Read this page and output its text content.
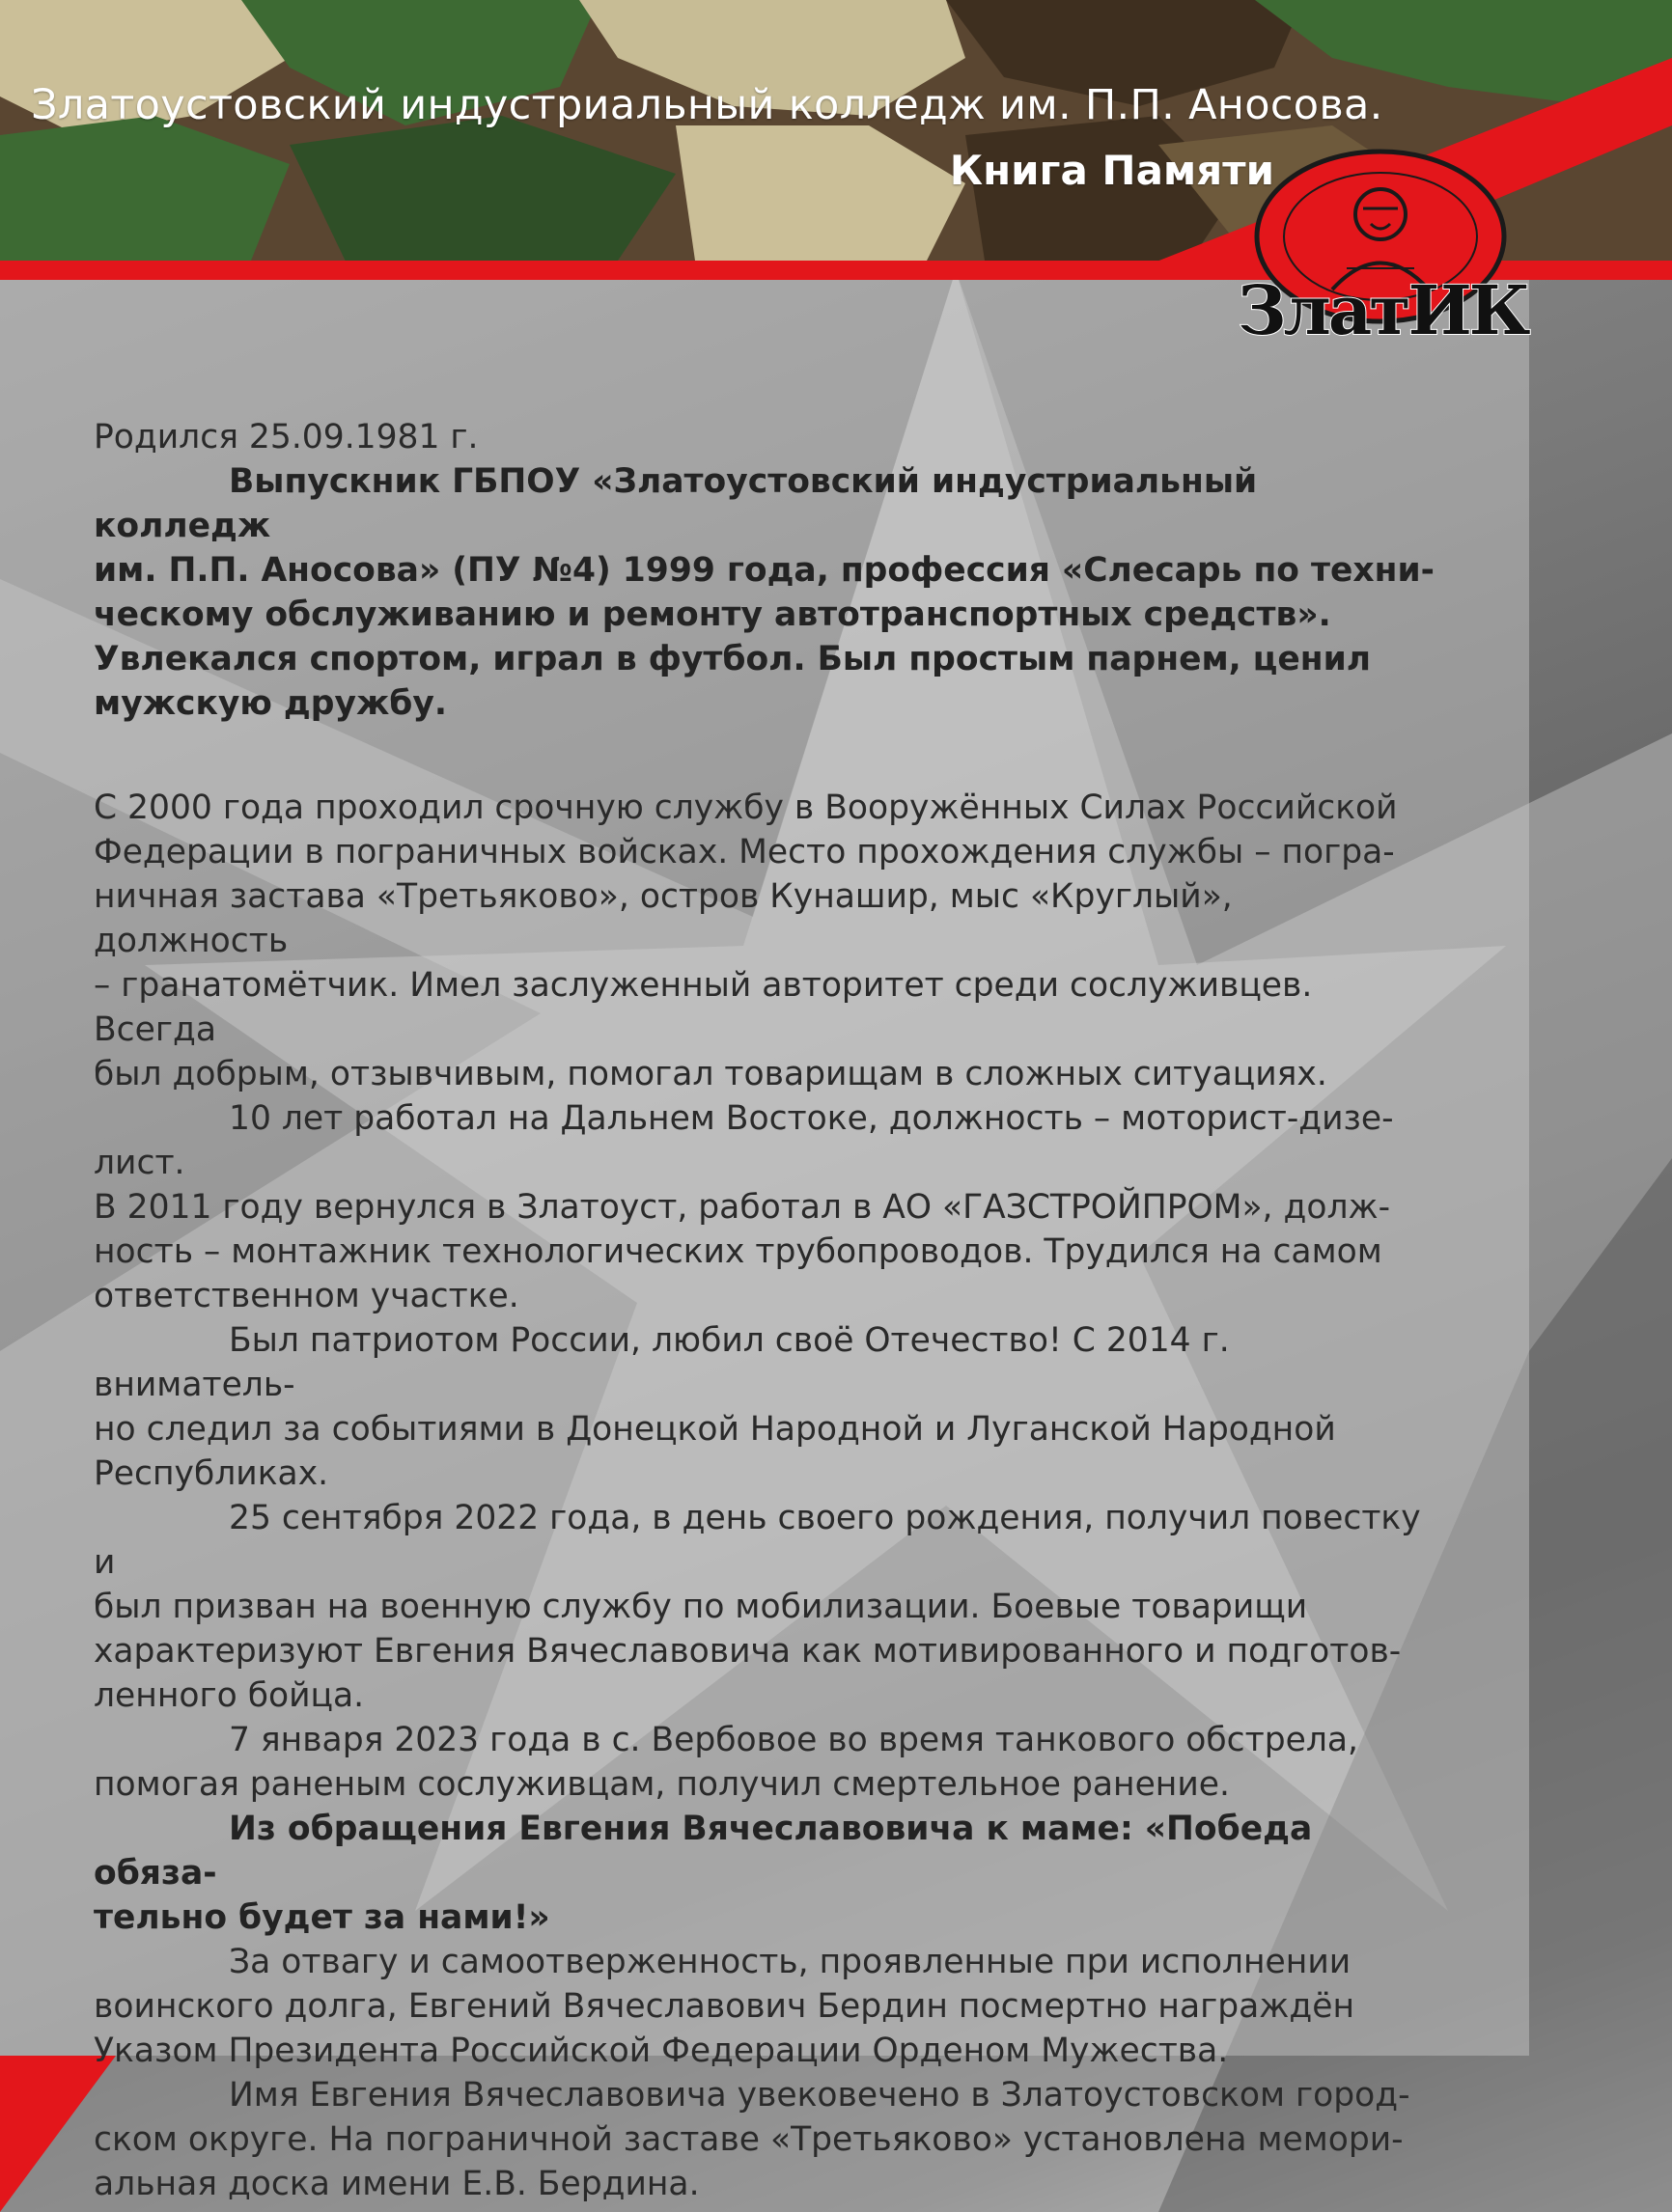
Златоустовский индустриальный колледж им. П.П. Аносова.
Книга Памяти
ЗлатИК

Родился 25.09.1981 г.

Выпускник ГБПОУ «Златоустовский индустриальный колледж
им. П.П. Аносова» (ПУ №4) 1999 года, профессия «Слесарь по техни-
ческому обслуживанию и ремонту автотранспортных средств».
Увлекался спортом, играл в футбол. Был простым парнем, ценил
мужскую дружбу.

С 2000 года проходил срочную службу в Вооружённых Силах Российской
Федерации в пограничных войсках. Место прохождения службы – погра-
ничная застава «Третьяково», остров Кунашир, мыс «Круглый», должность
– гранатомётчик. Имел заслуженный авторитет среди сослуживцев. Всегда
был добрым, отзывчивым, помогал товарищам в сложных ситуациях.

10 лет работал на Дальнем Востоке, должность – моторист-дизе-
лист.

В 2011 году вернулся в Златоуст, работал в АО «ГАЗСТРОЙПРОМ», долж-
ность – монтажник технологических трубопроводов. Трудился на самом
ответственном участке.

Был патриотом России, любил своё Отечество! С 2014 г. вниматель-
но следил за событиями в Донецкой Народной и Луганской Народной
Республиках.

25 сентября 2022 года, в день своего рождения, получил повестку и
был призван на военную службу по мобилизации. Боевые товарищи
характеризуют Евгения Вячеславовича как мотивированного и подготов-
ленного бойца.

7 января 2023 года в с. Вербовое во время танкового обстрела,
помогая раненым сослуживцам, получил смертельное ранение.

Из обращения Евгения Вячеславовича к маме: «Победа обяза-
тельно будет за нами!»

За отвагу и самоотверженность, проявленные при исполнении
воинского долга, Евгений Вячеславович Бердин посмертно награждён
Указом Президента Российской Федерации Орденом Мужества.

Имя Евгения Вячеславовича увековечено в Златоустовском город-
ском округе. На пограничной заставе «Третьяково» установлена мемори-
альная доска имени Е.В. Бердина.
